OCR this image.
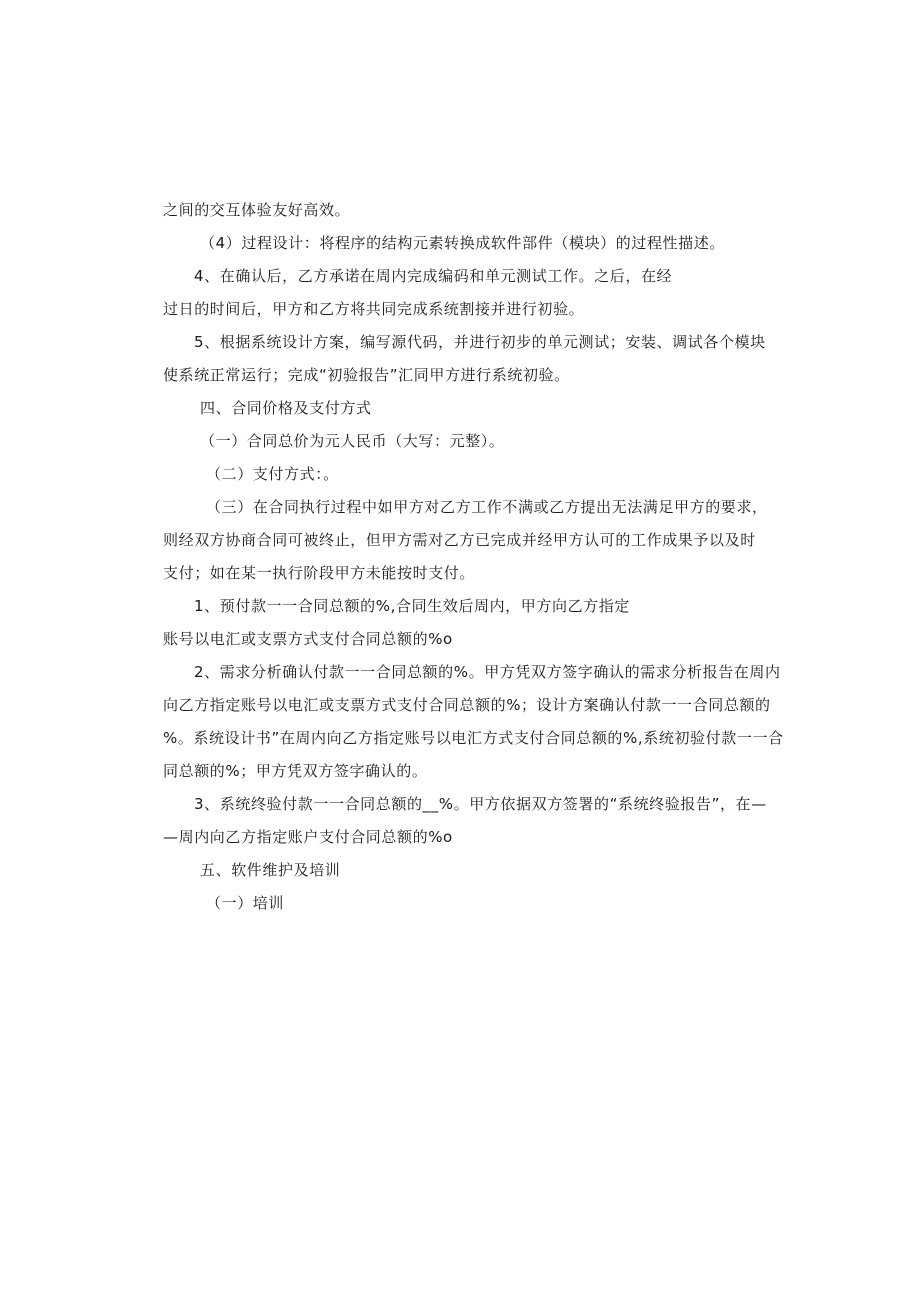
之间的交互体验友好高效。
（4）过程设计：将程序的结构元素转换成软件部件（模块）的过程性描述。
4、在确认后，乙方承诺在周内完成编码和单元测试工作。之后，在经
过日的时间后，甲方和乙方将共同完成系统割接并进行初验。
5、根据系统设计方案，编写源代码，并进行初步的单元测试；安装、调试各个模块
使系统正常运行；完成“初验报告”汇同甲方进行系统初验。
四、合同价格及支付方式
（一）合同总价为元人民币（大写：元整）。
（二）支付方式：。
（三）在合同执行过程中如甲方对乙方工作不满或乙方提出无法满足甲方的要求，
则经双方协商合同可被终止，但甲方需对乙方已完成并经甲方认可的工作成果予以及时
支付；如在某一执行阶段甲方未能按时支付。
1、预付款一一合同总额的%,合同生效后周内，甲方向乙方指定
账号以电汇或支票方式支付合同总额的%o
2、需求分析确认付款一一合同总额的%。甲方凭双方签字确认的需求分析报告在周内
向乙方指定账号以电汇或支票方式支付合同总额的%；设计方案确认付款一一合同总额的
%。系统设计书”在周内向乙方指定账号以电汇方式支付合同总额的%,系统初验付款一一合
同总额的%；甲方凭双方签字确认的。
3、系统终验付款一一合同总额的__%。甲方依据双方签署的“系统终验报告”，在—
—周内向乙方指定账户支付合同总额的%o
五、软件维护及培训
（一）培训
